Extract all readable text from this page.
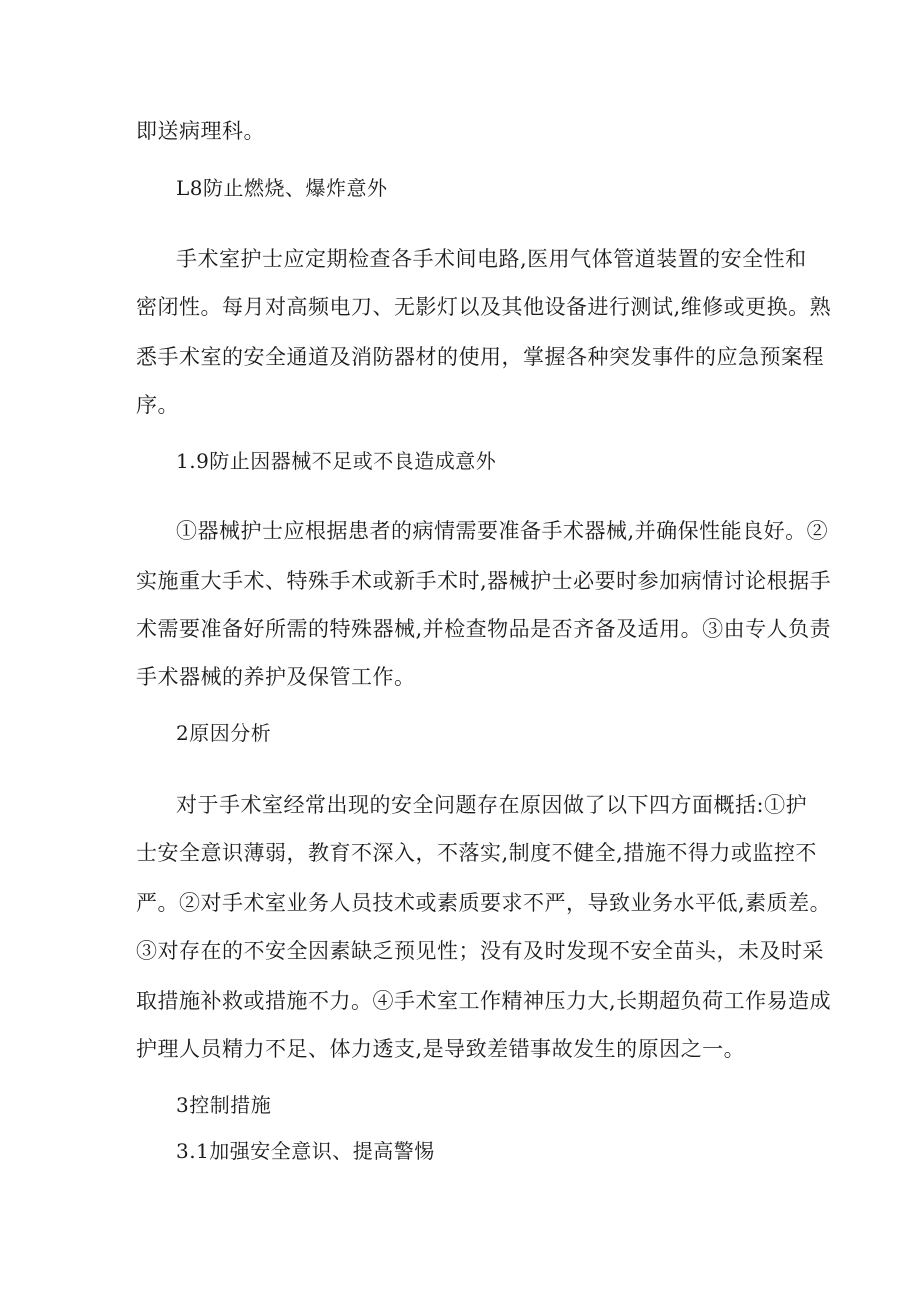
即送病理科。
L8防止燃烧、爆炸意外
手术室护士应定期检查各手术间电路,医用气体管道装置的安全性和
密闭性。每月对高频电刀、无影灯以及其他设备进行测试,维修或更换。熟
悉手术室的安全通道及消防器材的使用，掌握各种突发事件的应急预案程
序。
1.9防止因器械不足或不良造成意外
①器械护士应根据患者的病情需要准备手术器械,并确保性能良好。②
实施重大手术、特殊手术或新手术时,器械护士必要时参加病情讨论根据手
术需要准备好所需的特殊器械,并检查物品是否齐备及适用。③由专人负责
手术器械的养护及保管工作。
2原因分析
对于手术室经常出现的安全问题存在原因做了以下四方面概括:①护
士安全意识薄弱，教育不深入，不落实,制度不健全,措施不得力或监控不
严。②对手术室业务人员技术或素质要求不严，导致业务水平低,素质差。
③对存在的不安全因素缺乏预见性；没有及时发现不安全苗头，未及时采
取措施补救或措施不力。④手术室工作精神压力大,长期超负荷工作易造成
护理人员精力不足、体力透支,是导致差错事故发生的原因之一。
3控制措施
3.1加强安全意识、提高警惕
